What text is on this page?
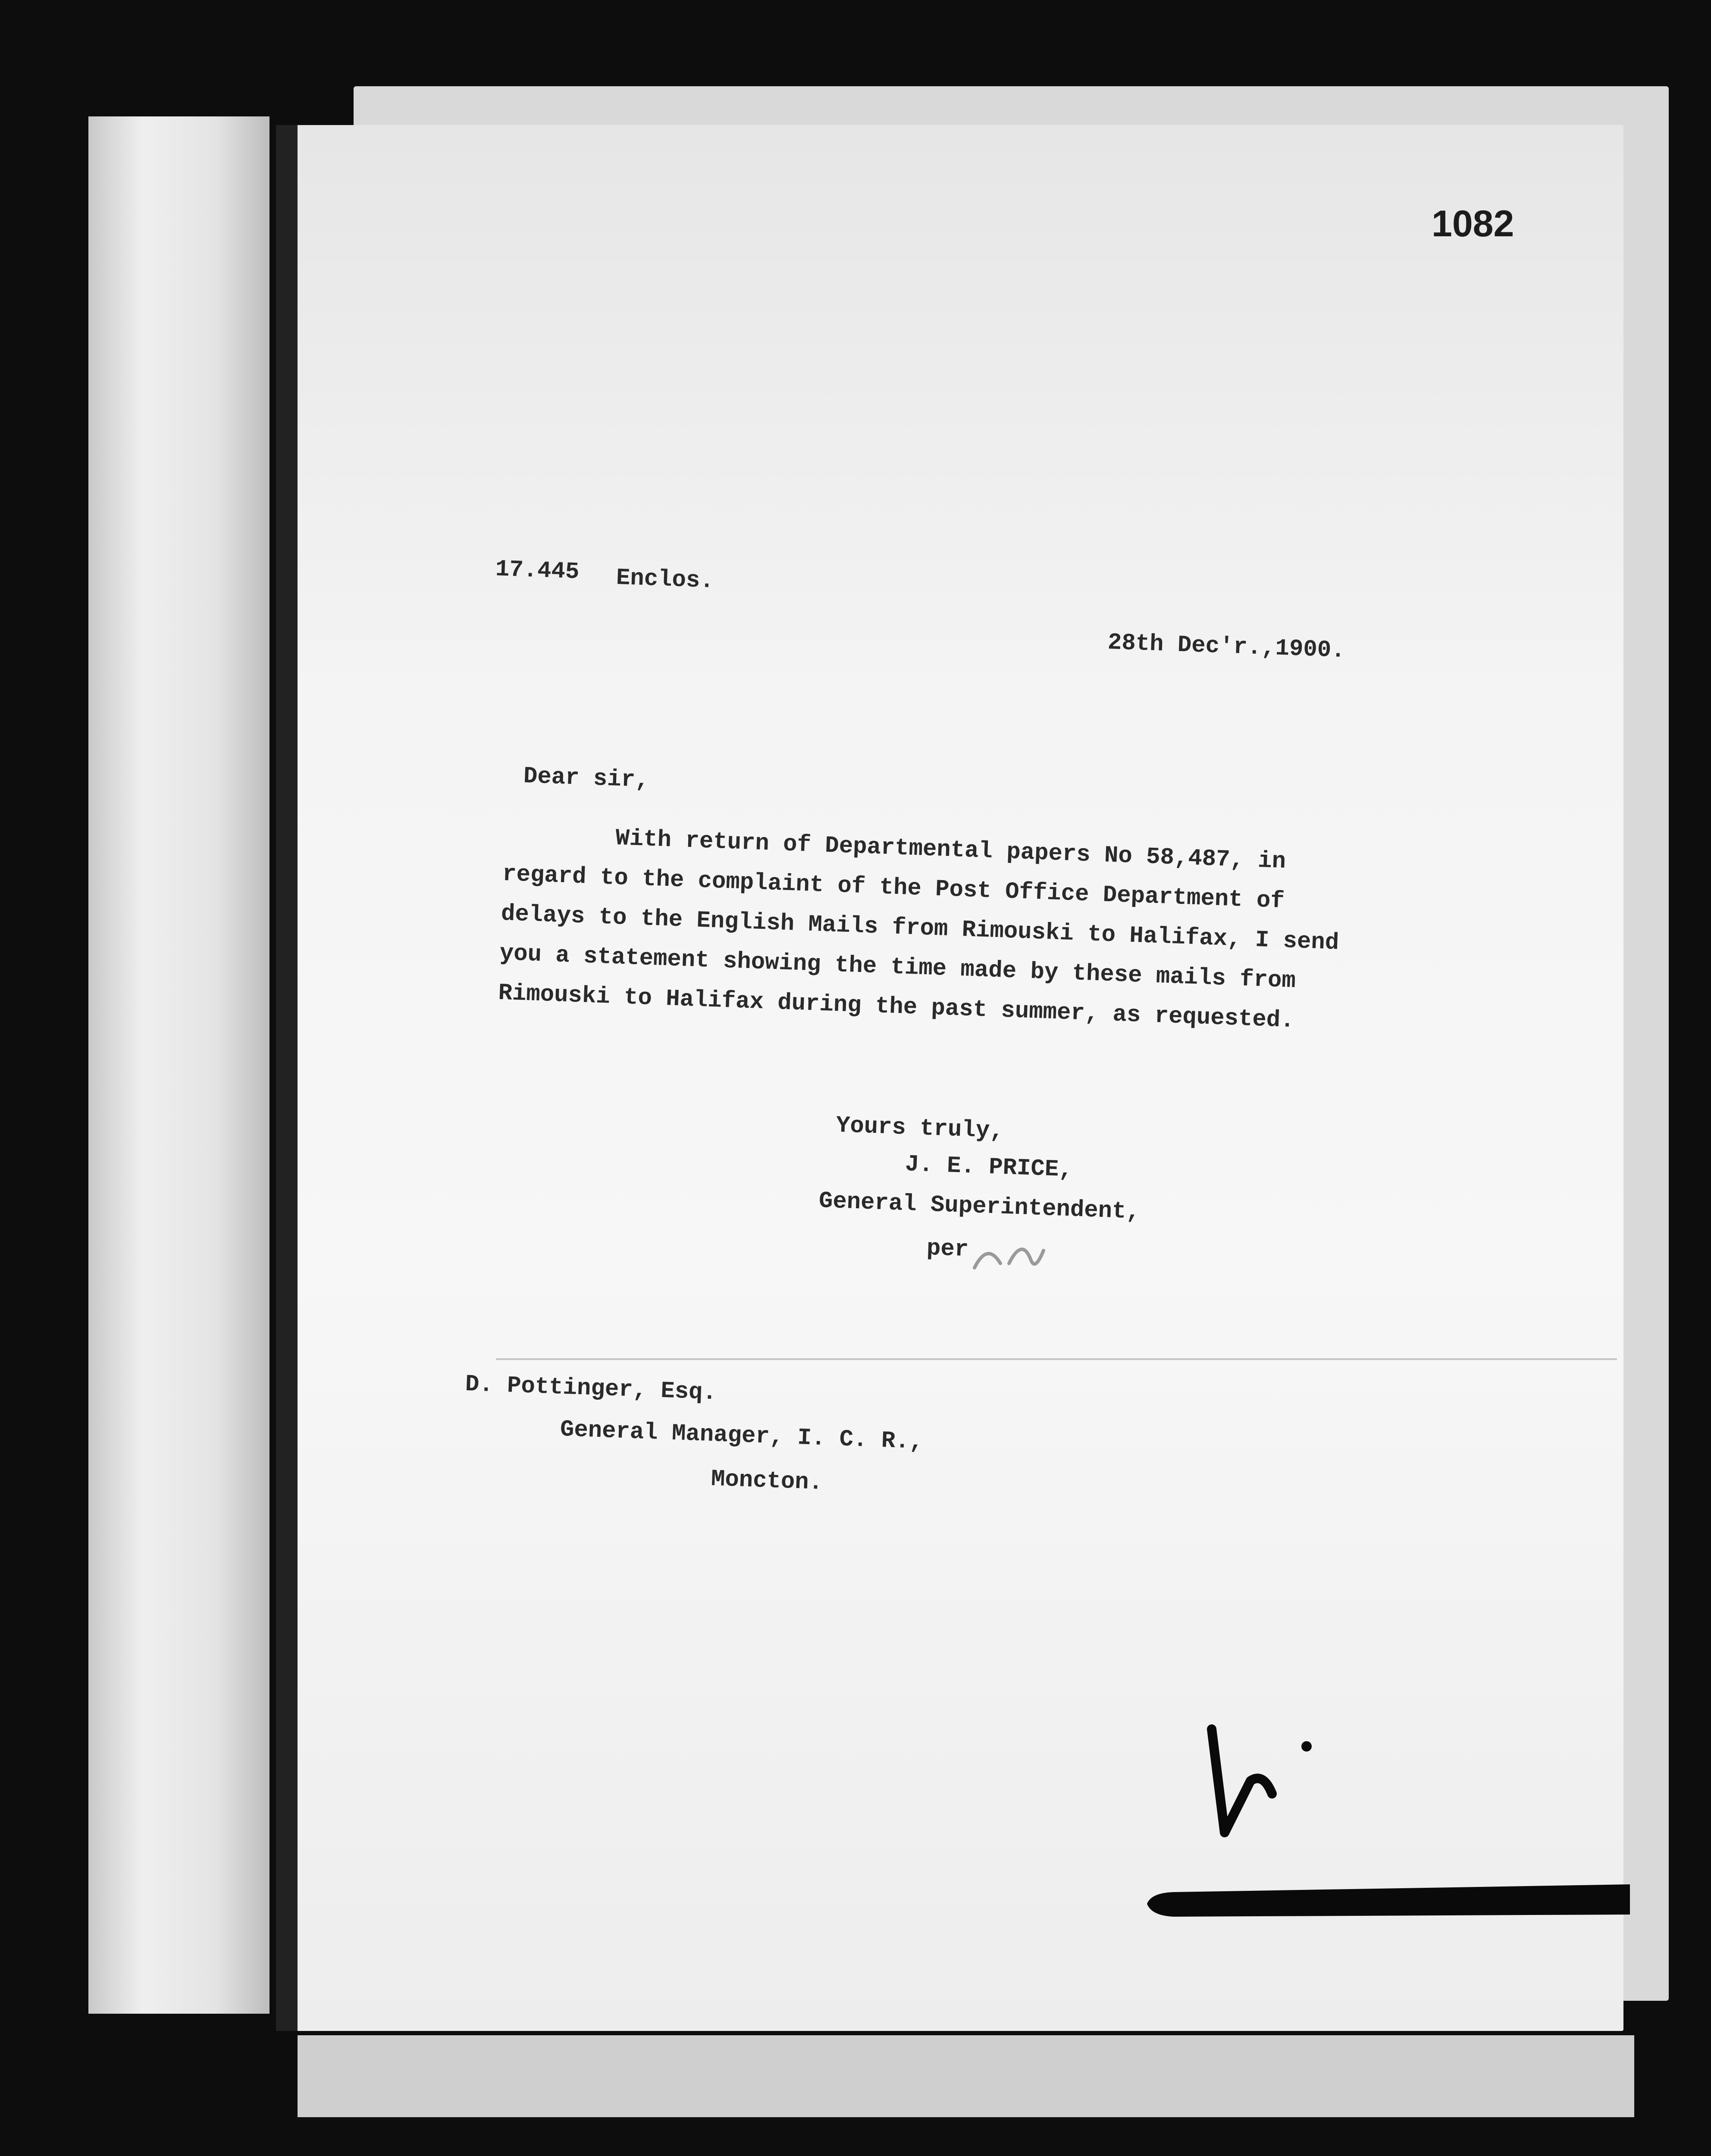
1082
17.445 Enclos.
28th Dec'r.,1900.
Dear sir,
With return of Departmental papers No 58,487, in
regard to the complaint of the Post Office Department of
delays to the English Mails from Rimouski to Halifax, I send
you a statement showing the time made by these mails from
Rimouski to Halifax during the past summer, as requested.
Yours truly,
J. E. PRICE,
General Superintendent,
per
D. Pottinger, Esq.
General Manager, I. C. R.,
Moncton.
